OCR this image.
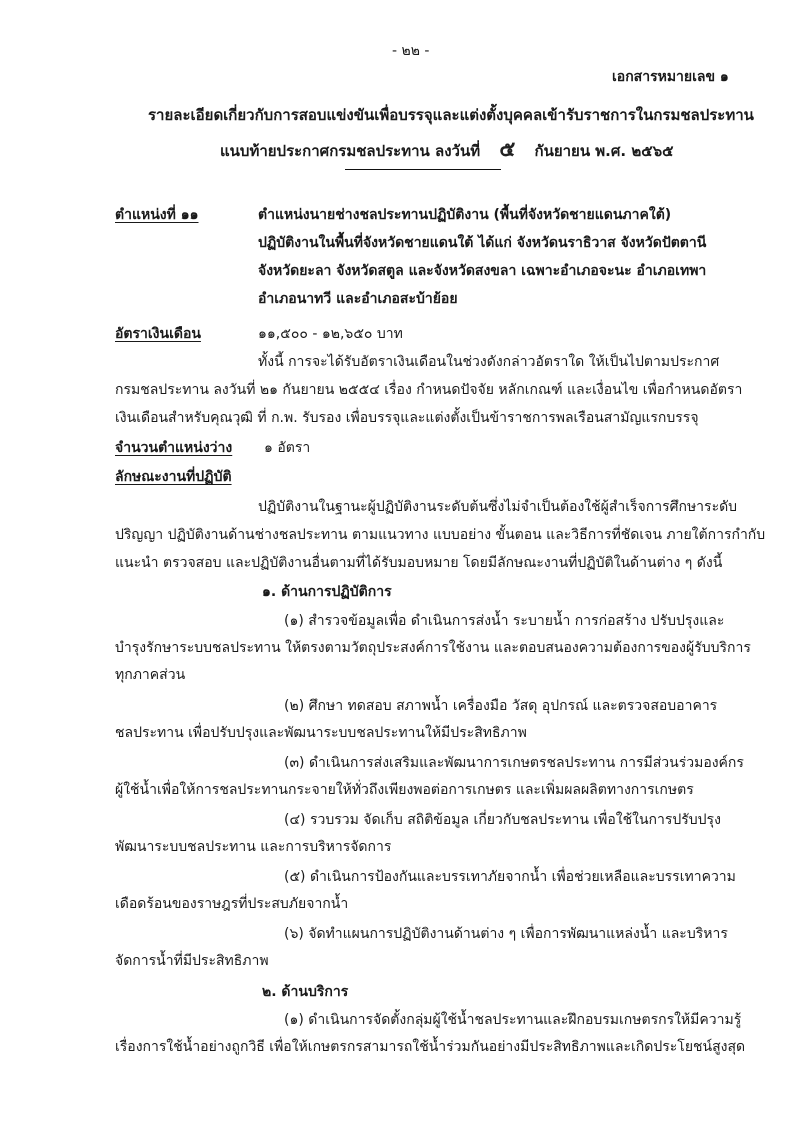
- ๒๒ -
เอกสารหมายเลข ๑
รายละเอียดเกี่ยวกับการสอบแข่งขันเพื่อบรรจุและแต่งตั้งบุคคลเข้ารับราชการในกรมชลประทาน
แนบท้ายประกาศกรมชลประทาน ลงวันที่ ๕ กันยายน พ.ศ. ๒๕๖๕
ตำแหน่งที่ ๑๑	ตำแหน่งนายช่างชลประทานปฏิบัติงาน (พื้นที่จังหวัดชายแดนภาคใต้)
ปฏิบัติงานในพื้นที่จังหวัดชายแดนใต้ ได้แก่ จังหวัดนราธิวาส จังหวัดปัตตานี
จังหวัดยะลา จังหวัดสตูล และจังหวัดสงขลา เฉพาะอำเภอจะนะ อำเภอเทพา
อำเภอนาทวี และอำเภอสะบ้าย้อย
อัตราเงินเดือน	๑๑,๕๐๐ - ๑๒,๖๕๐ บาท
ทั้งนี้ การจะได้รับอัตราเงินเดือนในช่วงดังกล่าวอัตราใด ให้เป็นไปตามประกาศ
กรมชลประทาน ลงวันที่ ๒๑ กันยายน ๒๕๕๔ เรื่อง กำหนดปัจจัย หลักเกณฑ์ และเงื่อนไข เพื่อกำหนดอัตรา
เงินเดือนสำหรับคุณวุฒิ ที่ ก.พ. รับรอง เพื่อบรรจุและแต่งตั้งเป็นข้าราชการพลเรือนสามัญแรกบรรจุ
จำนวนตำแหน่งว่าง ๑ อัตรา
ลักษณะงานที่ปฏิบัติ
ปฏิบัติงานในฐานะผู้ปฏิบัติงานระดับต้นซึ่งไม่จำเป็นต้องใช้ผู้สำเร็จการศึกษาระดับ
ปริญญา ปฏิบัติงานด้านช่างชลประทาน ตามแนวทาง แบบอย่าง ขั้นตอน และวิธีการที่ชัดเจน ภายใต้การกำกับ
แนะนำ ตรวจสอบ และปฏิบัติงานอื่นตามที่ได้รับมอบหมาย โดยมีลักษณะงานที่ปฏิบัติในด้านต่าง ๆ ดังนี้
๑. ด้านการปฏิบัติการ
(๑) สำรวจข้อมูลเพื่อ ดำเนินการส่งน้ำ ระบายน้ำ การก่อสร้าง ปรับปรุงและ
บำรุงรักษาระบบชลประทาน ให้ตรงตามวัตถุประสงค์การใช้งาน และตอบสนองความต้องการของผู้รับบริการ
ทุกภาคส่วน
(๒) ศึกษา ทดสอบ สภาพน้ำ เครื่องมือ วัสดุ อุปกรณ์ และตรวจสอบอาคาร
ชลประทาน เพื่อปรับปรุงและพัฒนาระบบชลประทานให้มีประสิทธิภาพ
(๓) ดำเนินการส่งเสริมและพัฒนาการเกษตรชลประทาน การมีส่วนร่วมองค์กร
ผู้ใช้น้ำเพื่อให้การชลประทานกระจายให้ทั่วถึงเพียงพอต่อการเกษตร และเพิ่มผลผลิตทางการเกษตร
(๔) รวบรวม จัดเก็บ สถิติข้อมูล เกี่ยวกับชลประทาน เพื่อใช้ในการปรับปรุง
พัฒนาระบบชลประทาน และการบริหารจัดการ
(๕) ดำเนินการป้องกันและบรรเทาภัยจากน้ำ เพื่อช่วยเหลือและบรรเทาความ
เดือดร้อนของราษฎรที่ประสบภัยจากน้ำ
(๖) จัดทำแผนการปฏิบัติงานด้านต่าง ๆ เพื่อการพัฒนาแหล่งน้ำ และบริหาร
จัดการน้ำที่มีประสิทธิภาพ
๒. ด้านบริการ
(๑) ดำเนินการจัดตั้งกลุ่มผู้ใช้น้ำชลประทานและฝึกอบรมเกษตรกรให้มีความรู้
เรื่องการใช้น้ำอย่างถูกวิธี เพื่อให้เกษตรกรสามารถใช้น้ำร่วมกันอย่างมีประสิทธิภาพและเกิดประโยชน์สูงสุด
